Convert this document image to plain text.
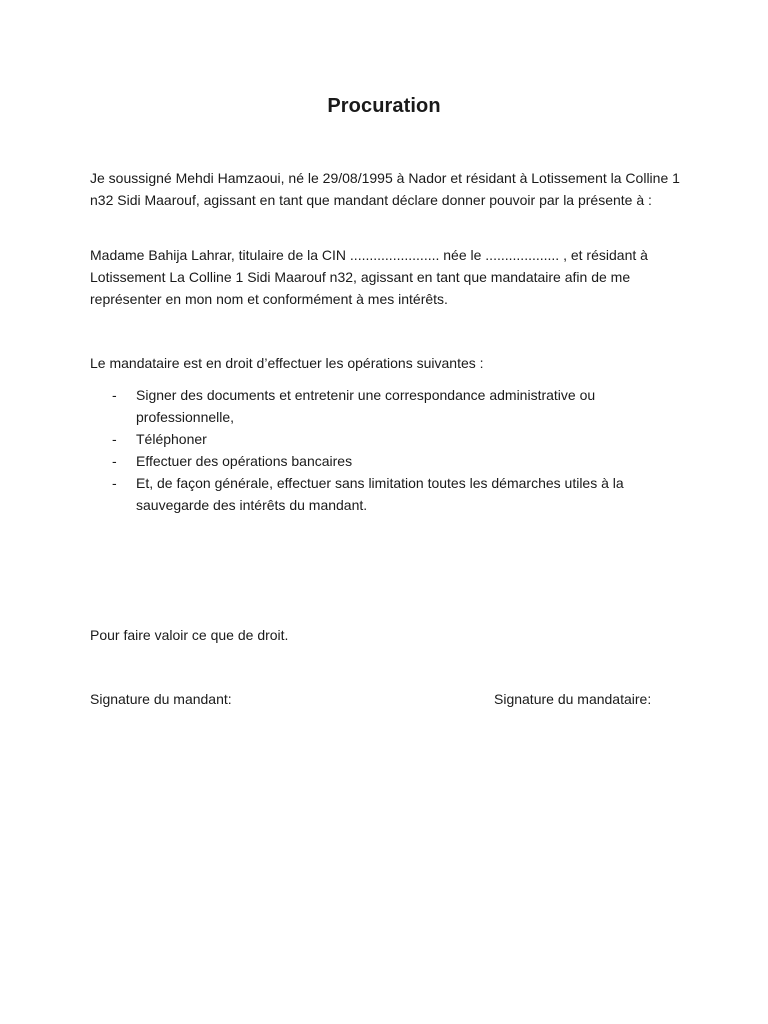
Procuration

Je soussigné Mehdi Hamzaoui, né le 29/08/1995 à Nador et résidant à Lotissement la Colline 1 n32 Sidi Maarouf, agissant en tant que mandant déclare donner pouvoir par la présente à :

Madame Bahija Lahrar, titulaire de la CIN ....................... née le ................... , et résidant à Lotissement La Colline 1 Sidi Maarouf n32, agissant en tant que mandataire afin de me représenter en mon nom et conformément à mes intérêts.

Le mandataire est en droit d’effectuer les opérations suivantes :

- Signer des documents et entretenir une correspondance administrative ou professionnelle,
- Téléphoner
- Effectuer des opérations bancaires
- Et, de façon générale, effectuer sans limitation toutes les démarches utiles à la sauvegarde des intérêts du mandant.

Pour faire valoir ce que de droit.

Signature du mandant:	Signature du mandataire:
